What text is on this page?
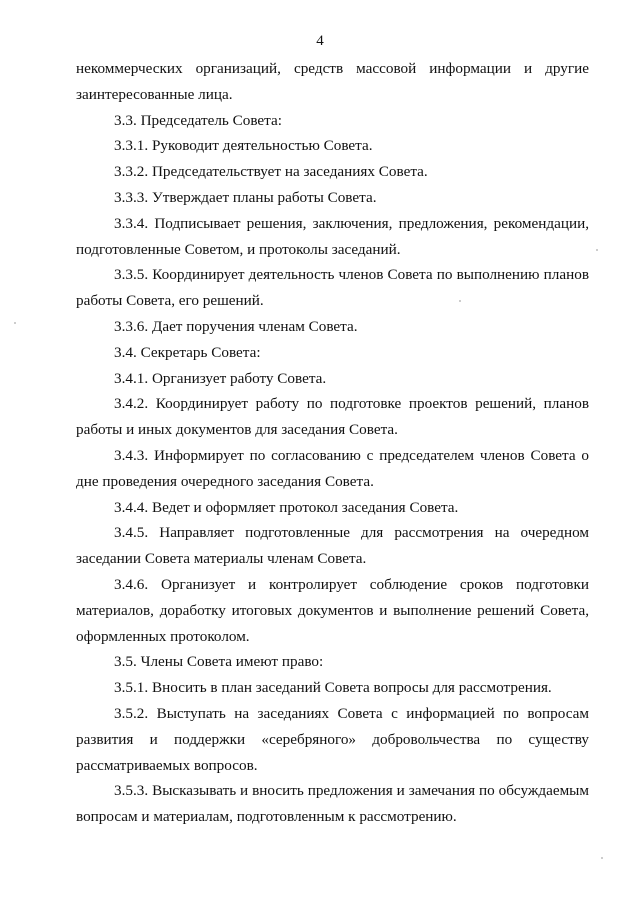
4

некоммерческих организаций, средств массовой информации и другие заинтересованные лица.

3.3. Председатель Совета:

3.3.1. Руководит деятельностью Совета.

3.3.2. Председательствует на заседаниях Совета.

3.3.3. Утверждает планы работы Совета.

3.3.4. Подписывает решения, заключения, предложения, рекомендации, подготовленные Советом, и протоколы заседаний.

3.3.5. Координирует деятельность членов Совета по выполнению планов работы Совета, его решений.

3.3.6. Дает поручения членам Совета.

3.4. Секретарь Совета:

3.4.1. Организует работу Совета.

3.4.2. Координирует работу по подготовке проектов решений, планов работы и иных документов для заседания Совета.

3.4.3. Информирует по согласованию с председателем членов Совета о дне проведения очередного заседания Совета.

3.4.4. Ведет и оформляет протокол заседания Совета.

3.4.5. Направляет подготовленные для рассмотрения на очередном заседании Совета материалы членам Совета.

3.4.6. Организует и контролирует соблюдение сроков подготовки материалов, доработку итоговых документов и выполнение решений Совета, оформленных протоколом.

3.5. Члены Совета имеют право:

3.5.1. Вносить в план заседаний Совета вопросы для рассмотрения.

3.5.2. Выступать на заседаниях Совета с информацией по вопросам развития и поддержки «серебряного» добровольчества по существу рассматриваемых вопросов.

3.5.3. Высказывать и вносить предложения и замечания по обсуждаемым вопросам и материалам, подготовленным к рассмотрению.
